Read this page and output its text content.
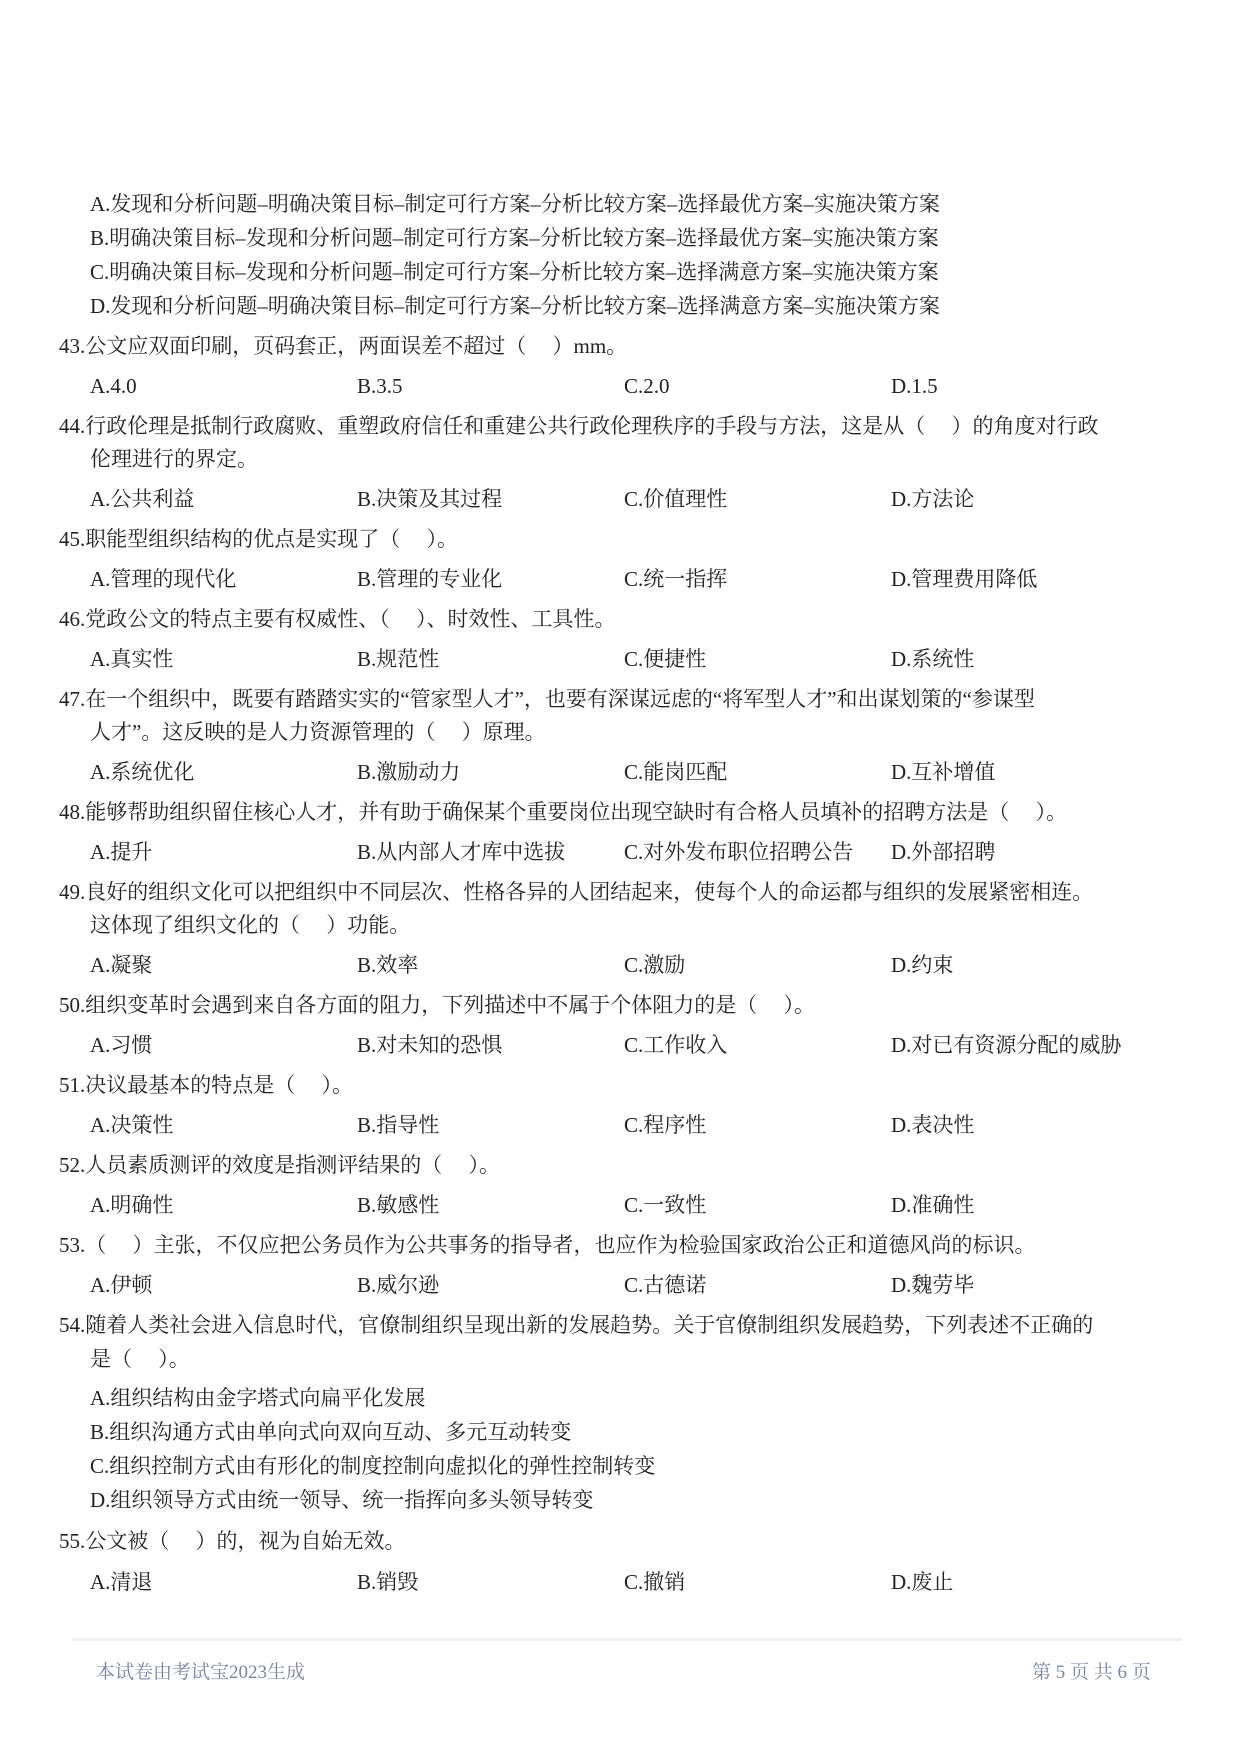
A.发现和分析问题–明确决策目标–制定可行方案–分析比较方案–选择最优方案–实施决策方案
B.明确决策目标–发现和分析问题–制定可行方案–分析比较方案–选择最优方案–实施决策方案
C.明确决策目标–发现和分析问题–制定可行方案–分析比较方案–选择满意方案–实施决策方案
D.发现和分析问题–明确决策目标–制定可行方案–分析比较方案–选择满意方案–实施决策方案
43.公文应双面印刷，页码套正，两面误差不超过（　 ）mm。
A.4.0	B.3.5	C.2.0	D.1.5
44.行政伦理是抵制行政腐败、重塑政府信任和重建公共行政伦理秩序的手段与方法，这是从（　 ）的角度对行政
伦理进行的界定。
A.公共利益	B.决策及其过程	C.价值理性	D.方法论
45.职能型组织结构的优点是实现了（　 ）。
A.管理的现代化	B.管理的专业化	C.统一指挥	D.管理费用降低
46.党政公文的特点主要有权威性、（　 ）、时效性、工具性。
A.真实性	B.规范性	C.便捷性	D.系统性
47.在一个组织中，既要有踏踏实实的“管家型人才”，也要有深谋远虑的“将军型人才”和出谋划策的“参谋型
人才”。这反映的是人力资源管理的（　 ）原理。
A.系统优化	B.激励动力	C.能岗匹配	D.互补增值
48.能够帮助组织留住核心人才，并有助于确保某个重要岗位出现空缺时有合格人员填补的招聘方法是（　 ）。
A.提升	B.从内部人才库中选拔	C.对外发布职位招聘公告 D.外部招聘
49.良好的组织文化可以把组织中不同层次、性格各异的人团结起来，使每个人的命运都与组织的发展紧密相连。
这体现了组织文化的（　 ）功能。
A.凝聚	B.效率	C.激励	D.约束
50.组织变革时会遇到来自各方面的阻力，下列描述中不属于个体阻力的是（　 ）。
A.习惯	B.对未知的恐惧	C.工作收入	D.对已有资源分配的威胁
51.决议最基本的特点是（　 ）。
A.决策性	B.指导性	C.程序性	D.表决性
52.人员素质测评的效度是指测评结果的（　 ）。
A.明确性	B.敏感性	C.一致性	D.准确性
53.（　 ）主张，不仅应把公务员作为公共事务的指导者，也应作为检验国家政治公正和道德风尚的标识。
A.伊顿	B.威尔逊	C.古德诺	D.魏劳毕
54.随着人类社会进入信息时代，官僚制组织呈现出新的发展趋势。关于官僚制组织发展趋势，下列表述不正确的
是（　 ）。
A.组织结构由金字塔式向扁平化发展
B.组织沟通方式由单向式向双向互动、多元互动转变
C.组织控制方式由有形化的制度控制向虚拟化的弹性控制转变
D.组织领导方式由统一领导、统一指挥向多头领导转变
55.公文被（　 ）的，视为自始无效。
A.清退	B.销毁	C.撤销	D.废止
本试卷由考试宝2023生成	第 5 页 共 6 页
